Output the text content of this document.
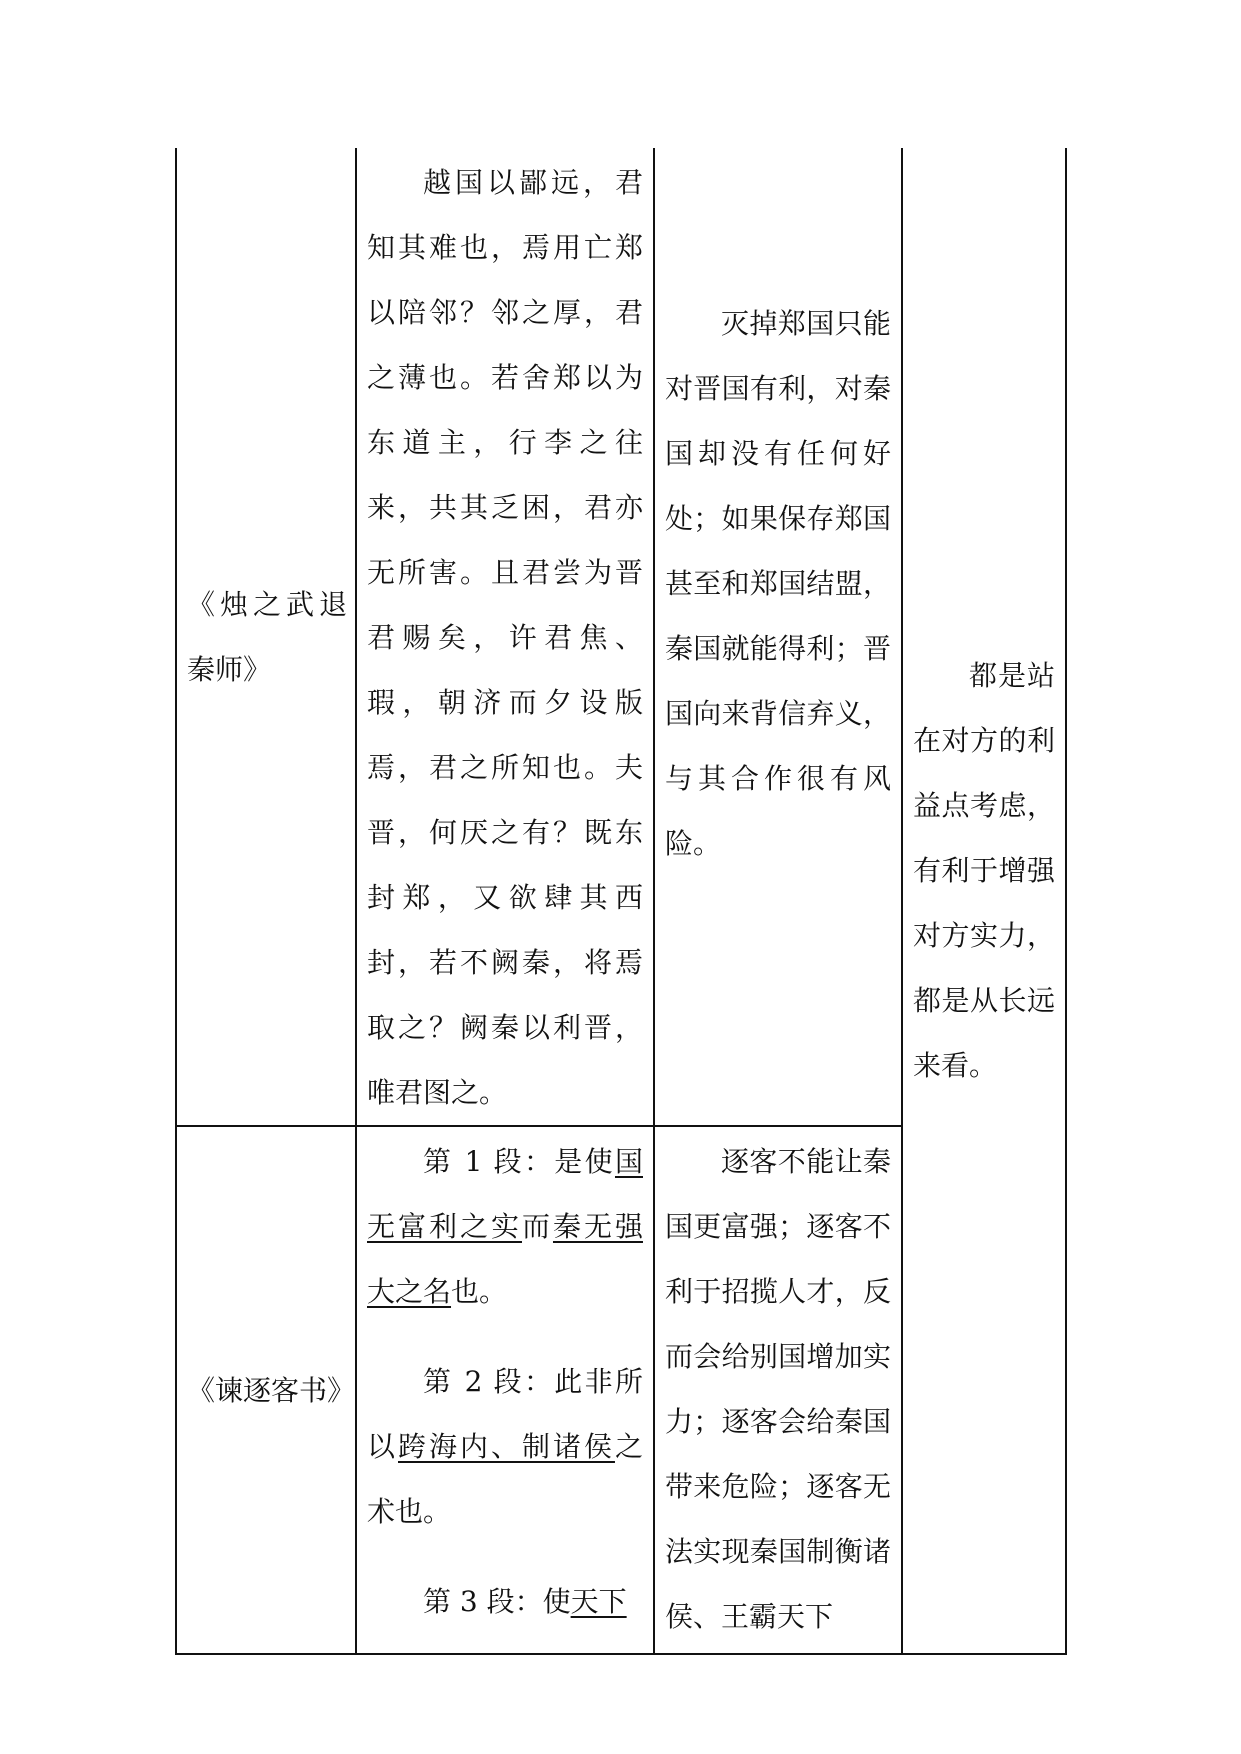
《烛之武退秦师》	越国以鄙远，君知其难也，焉用亡郑以陪邻？邻之厚，君之薄也。若舍郑以为东道主，行李之往来，共其乏困，君亦无所害。且君尝为晋君赐矣，许君焦、瑕，朝济而夕设版焉，君之所知也。夫晋，何厌之有？既东封郑，又欲肆其西封，若不阙秦，将焉取之？阙秦以利晋，唯君图之。	灭掉郑国只能对晋国有利，对秦国却没有任何好处；如果保存郑国甚至和郑国结盟，秦国就能得利；晋国向来背信弃义，与其合作很有风险。	都是站在对方的利益点考虑，有利于增强对方实力，都是从长远来看。

《谏逐客书》	第 1 段：是使国无富利之实而秦无强大之名也。
第 2 段：此非所以跨海内、制诸侯之术也。
第 3 段：使天下	逐客不能让秦国更富强；逐客不利于招揽人才，反而会给别国增加实力；逐客会给秦国带来危险；逐客无法实现秦国制衡诸侯、王霸天下	
